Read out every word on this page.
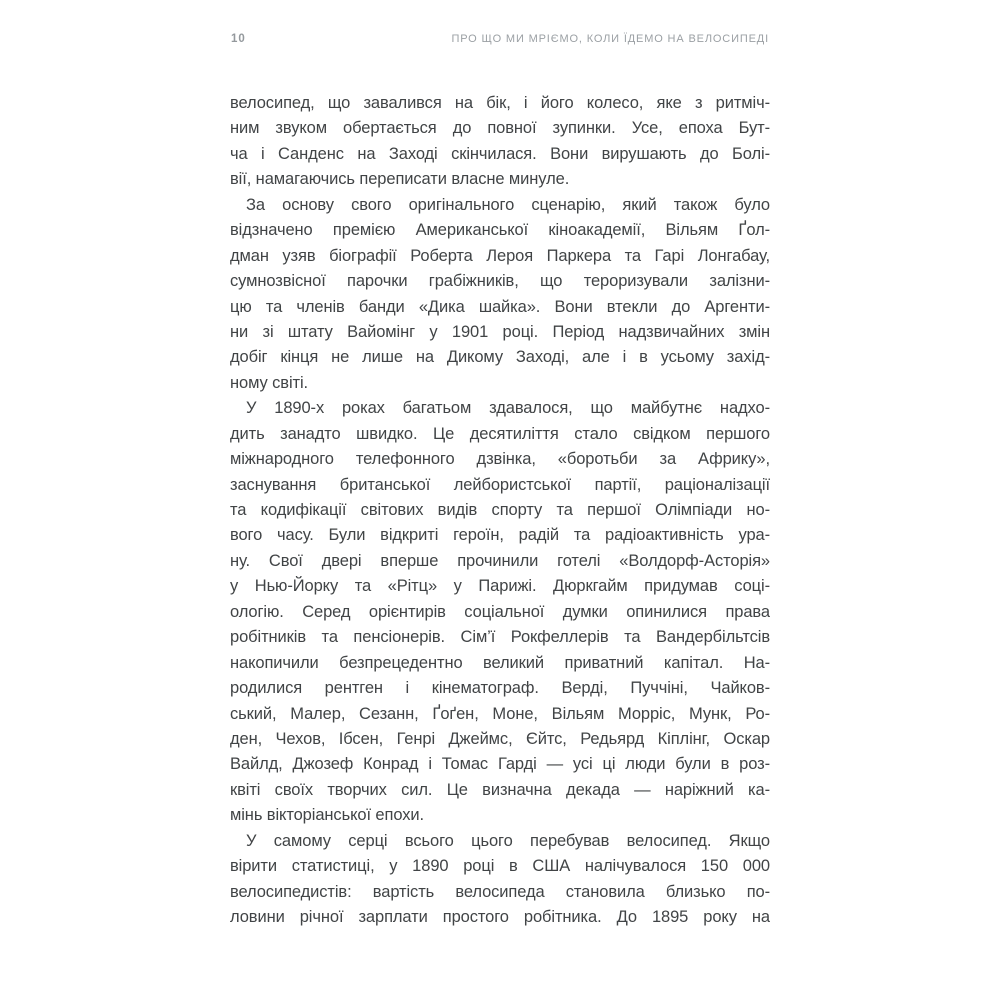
10	ПРО ЩО МИ МРІЄМО, КОЛИ ЇДЕМО НА ВЕЛОСИПЕДІ
велосипед, що завалився на бік, і його колесо, яке з ритміч-
ним звуком обертається до повної зупинки. Усе, епоха Бут-
ча і Санденс на Заході скінчилася. Вони вирушають до Болі-
вії, намагаючись переписати власне минуле.
За основу свого оригінального сценарію, який також було
відзначено премією Американської кіноакадемії, Вільям Ґол-
дман узяв біографії Роберта Лероя Паркера та Гарі Лонгабау,
сумнозвісної парочки грабіжників, що тероризували залізни-
цю та членів банди «Дика шайка». Вони втекли до Аргенти-
ни зі штату Вайомінг у 1901 році. Період надзвичайних змін
добіг кінця не лише на Дикому Заході, але і в усьому захід-
ному світі.
У 1890-х роках багатьом здавалося, що майбутнє надхо-
дить занадто швидко. Це десятиліття стало свідком першого
міжнародного телефонного дзвінка, «боротьби за Африку»,
заснування британської лейбористської партії, раціоналізації
та кодифікації світових видів спорту та першої Олімпіади но-
вого часу. Були відкриті героїн, радій та радіоактивність ура-
ну. Свої двері вперше прочинили готелі «Волдорф-Асторія»
у Нью-Йорку та «Рітц» у Парижі. Дюркгайм придумав соці-
ологію. Серед орієнтирів соціальної думки опинилися права
робітників та пенсіонерів. Сім’ї Рокфеллерів та Вандербільтсів
накопичили безпрецедентно великий приватний капітал. На-
родилися рентген і кінематограф. Верді, Пуччіні, Чайков-
ський, Малер, Сезанн, Ґоґен, Моне, Вільям Морріс, Мунк, Ро-
ден, Чехов, Ібсен, Генрі Джеймс, Єйтс, Редьярд Кіплінг, Оскар
Вайлд, Джозеф Конрад і Томас Гарді — усі ці люди були в роз-
квіті своїх творчих сил. Це визначна декада — наріжний ка-
мінь вікторіанської епохи.
У самому серці всього цього перебував велосипед. Якщо
вірити статистиці, у 1890 році в США налічувалося 150 000
велосипедистів: вартість велосипеда становила близько по-
ловини річної зарплати простого робітника. До 1895 року на
